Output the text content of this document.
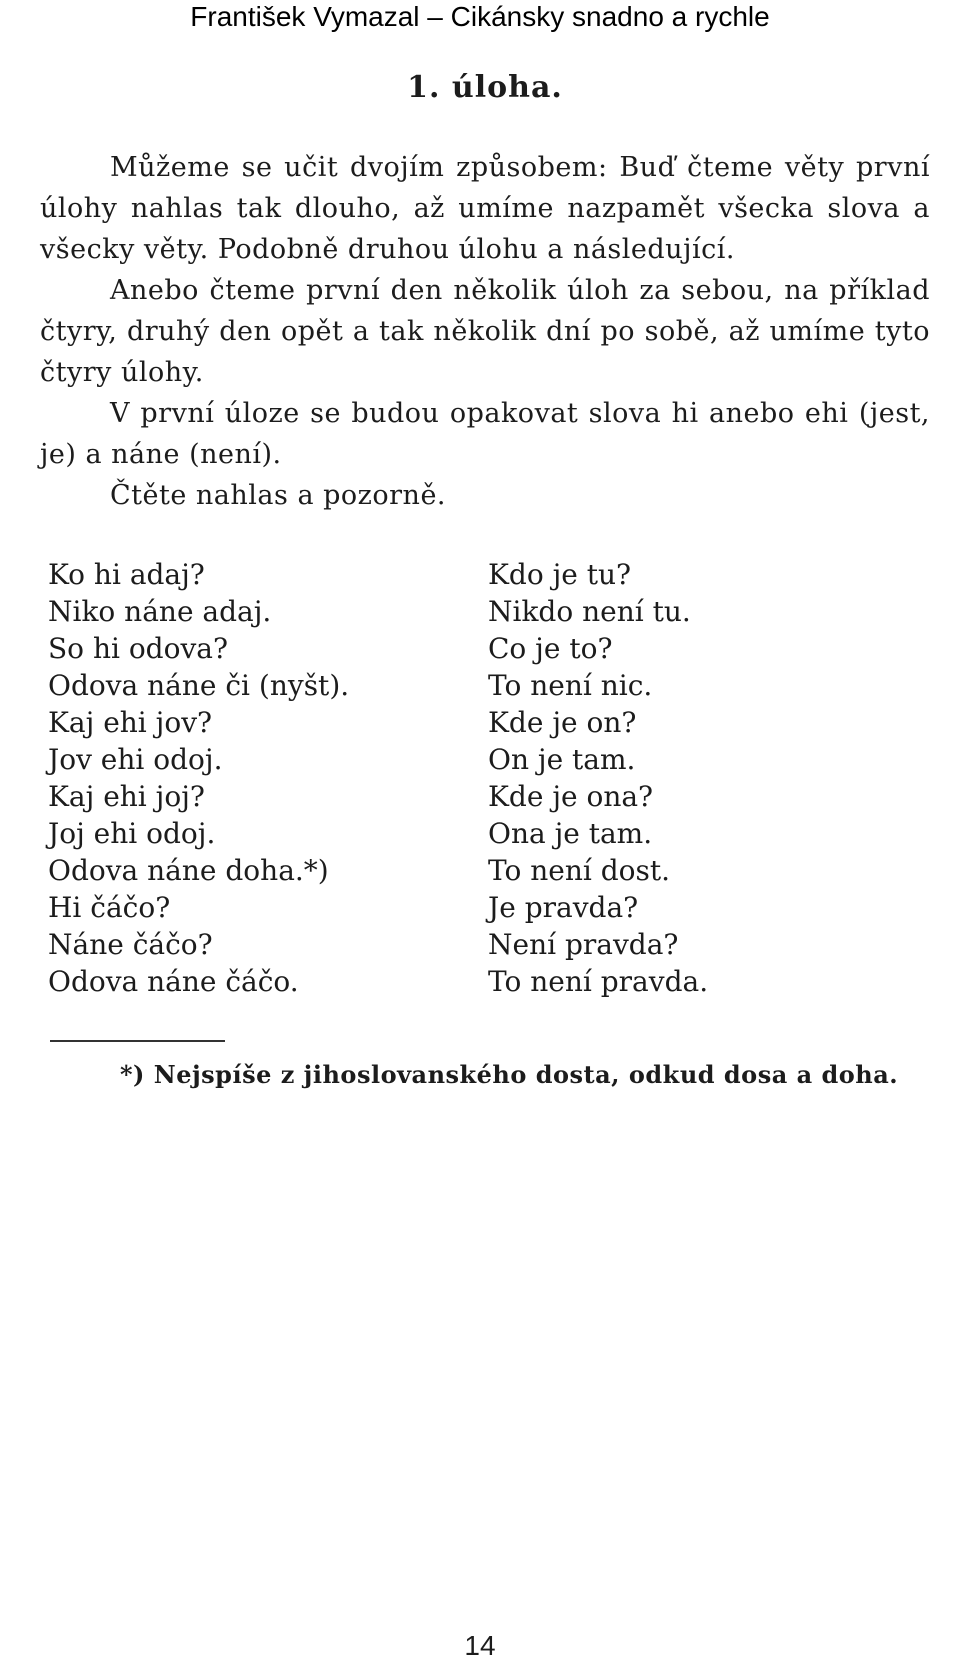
František Vymazal – Cikánsky snadno a rychle
1. úloha.

Můžeme se učit dvojím způsobem: Buď čteme věty první úlohy nahlas tak dlouho, až umíme nazpamět všecka slova a všecky věty. Podobně druhou úlohu a následující.

Anebo čteme první den několik úloh za sebou, na příklad čtyry, druhý den opět a tak několik dní po sobě, až umíme tyto čtyry úlohy.

V první úloze se budou opakovat slova hi anebo ehi (jest, je) a náne (není).

Čtěte nahlas a pozorně.

Ko hi adaj?
Niko náne adaj.
So hi odova?
Odova náne či (nyšt).
Kaj ehi jov?
Jov ehi odoj.
Kaj ehi joj?
Joj ehi odoj.
Odova náne doha.*)
Hi čáčo?
Náne čáčo?
Odova náne čáčo.
Kdo je tu?
Nikdo není tu.
Co je to?
To není nic.
Kde je on?
On je tam.
Kde je ona?
Ona je tam.
To není dost.
Je pravda?
Není pravda?
To není pravda.
*) Nejspíše z jihoslovanského dosta, odkud dosa a doha.
14
